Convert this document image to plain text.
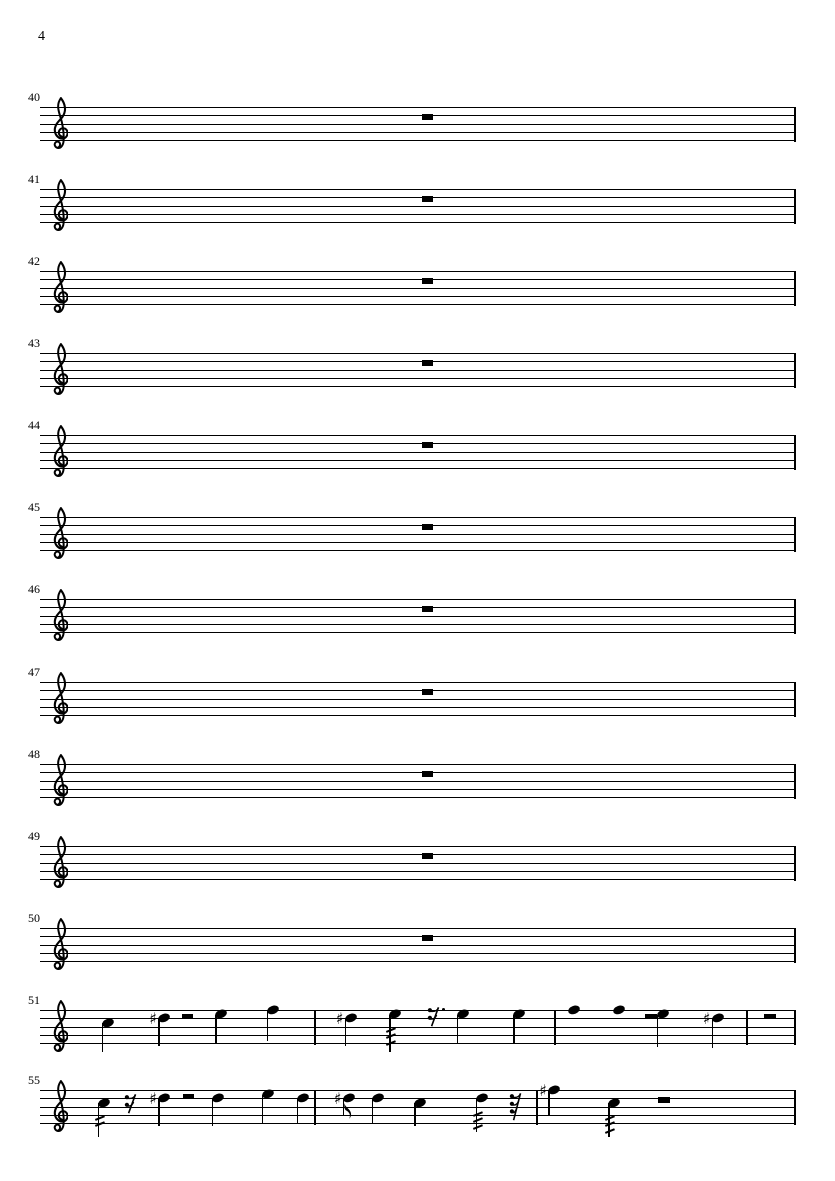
4
40
41
42
43
44
45
46
47
48
49
50
51
♯	♯	♯
55
♯	♯	♯
